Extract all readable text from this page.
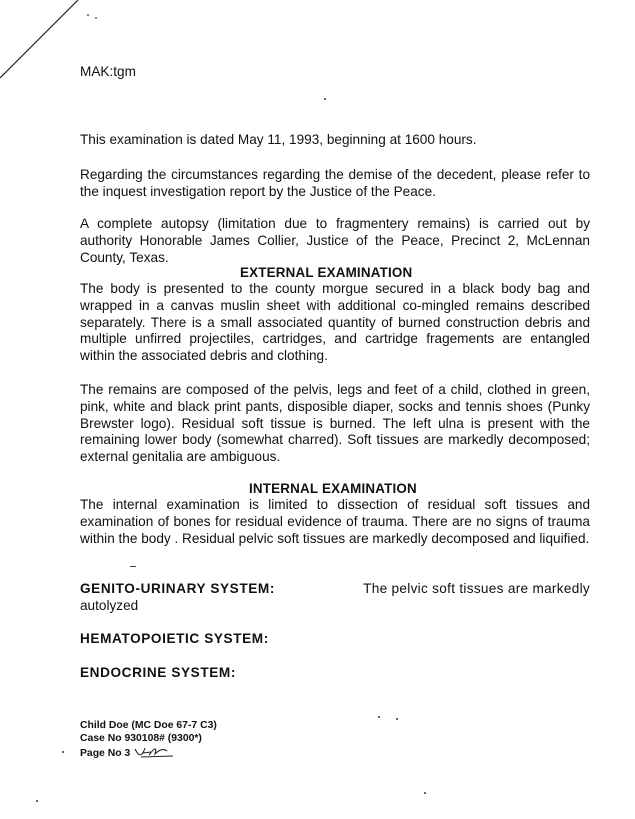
MAK:tgm
This examination is dated May 11, 1993, beginning at 1600 hours.
Regarding the circumstances regarding the demise of the decedent, please refer to the inquest investigation report by the Justice of the Peace.
A complete autopsy (limitation due to fragmentery remains) is carried out by authority Honorable James Collier, Justice of the Peace, Precinct 2, McLennan County, Texas.
EXTERNAL EXAMINATION
The body is presented to the county morgue secured in a black body bag and wrapped in a canvas muslin sheet with additional co-mingled remains described separately. There is a small associated quantity of burned construction debris and multiple unfirred projectiles, cartridges, and cartridge fragements are entangled within the associated debris and clothing.
The remains are composed of the pelvis, legs and feet of a child, clothed in green, pink, white and black print pants, disposible diaper, socks and tennis shoes (Punky Brewster logo). Residual soft tissue is burned. The left ulna is present with the remaining lower body (somewhat charred). Soft tissues are markedly decomposed; external genitalia are ambiguous.
INTERNAL EXAMINATION
The internal examination is limited to dissection of residual soft tissues and examination of bones for residual evidence of trauma. There are no signs of trauma within the body . Residual pelvic soft tissues are markedly decomposed and liquified.
GENITO-URINARY SYSTEM:	The pelvic soft tissues are markedly
autolyzed
HEMATOPOIETIC SYSTEM:
ENDOCRINE SYSTEM:
Child Doe (MC Doe 67-7 C3)
Case No 930108# (9300*)
Page No 3
